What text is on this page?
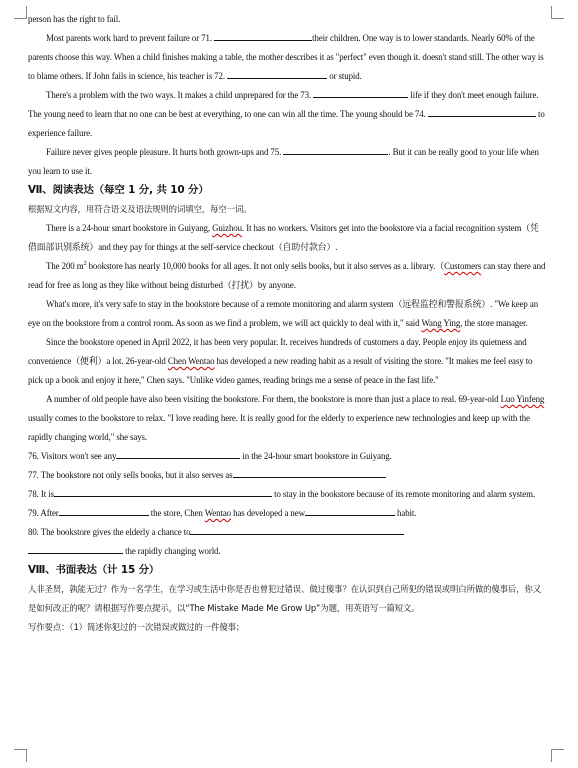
person has the right to fail.

Most parents work hard to prevent failure or 71.	their children. One way is to lower standards. Nearly 60% of the parents choose this way. When a child finishes making a table, the mother describes it as "perfect" even though it. doesn't stand still. The other way is to blame others. If John fails in science, his teacher is 72.	or stupid.

There's a problem with the two ways. It makes a child unprepared for the 73.	life if they don't meet enough failure. The young need to learn that no one can be best at everything, to one can win all the time. The young should be 74.	to experience failure.

Failure never gives people pleasure. It hurts both grown-ups and 75.	. But it can be really good to your life when you learn to use it.

Ⅶ、阅读表达（每空 1 分, 共 10 分）

根据短文内容，用符合语义及语法规则的词填空，每空一词。

There is a 24-hour smart bookstore in Guiyang, Guizhou. It has no workers. Visitors get into the bookstore via a facial recognition system（凭借面部识别系统）and they pay for things at the self-service checkout（自助付款台）.

The 200 $m^2$ bookstore has nearly 10,000 books for all ages. It not only sells books, but it also serves as a. library.（Customers can stay there and read for free as long as they like without being disturbed（打扰）by anyone.

What's more, it's very safe to stay in the bookstore because of a remote monitoring and alarm system（远程监控和警报系统）. "We keep an eye on the bookstore from a control room. As soon as we find a problem, we will act quickly to deal with it," said Wang Ying, the store manager.

Since the bookstore opened in April 2022, it has been very popular. It. receives hundreds of customers a day. People enjoy its quietness and convenience（便利）a lot. 26-year-old Chen Wentao has developed a new reading habit as a result of visiting the store. "It makes me feel easy to pick up a book and enjoy it here," Chen says. "Unlike video games, reading brings me a sense of peace in the fast life."

A number of old people have also been visiting the bookstore. For them, the bookstore is more than just a place to real. 69-year-old Luo Yinfeng usually comes to the bookstore to relax. "I love reading here. It is really good for the elderly to experience new technologies and keep up with the rapidly changing world," she says.

76. Visitors won't see any	in the 24-hour smart bookstore in Guiyang.

77. The bookstore not only sells books, but it also serves as	.

78. It is	to stay in the bookstore because of its remote monitoring and alarm system.

79. After	the store, Chen Wentao has developed a new	habit.

80. The bookstore gives the elderly a chance to
the rapidly changing world.

Ⅷ、书面表达（计 15 分）

人非圣贤，孰能无过？作为一名学生，在学习或生活中你是否也曾犯过错误、做过傻事？在认识到自己所犯的错误或明白所做的傻事后，你又是如何改正的呢？请根据写作要点提示，以“The Mistake Made Me Grow Up”为题，用英语写一篇短文。

写作要点：（1）简述你犯过的一次错误或做过的一件傻事；
